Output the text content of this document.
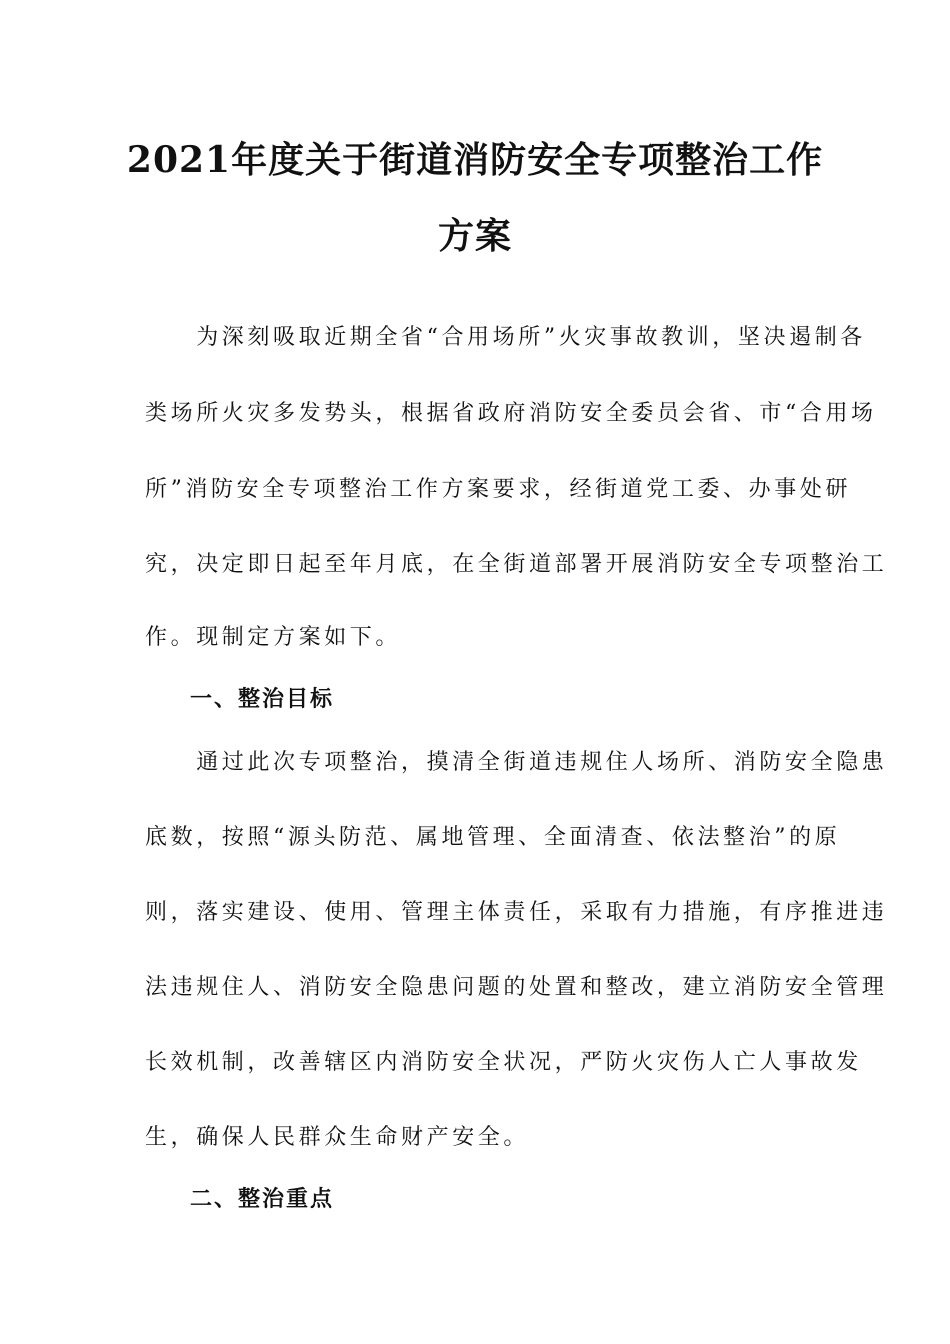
2021年度关于街道消防安全专项整治工作
方案
　　为深刻吸取近期全省“合用场所”火灾事故教训，坚决遏制各
类场所火灾多发势头，根据省政府消防安全委员会省、市“合用场
所”消防安全专项整治工作方案要求，经街道党工委、办事处研
究，决定即日起至年月底，在全街道部署开展消防安全专项整治工
作。现制定方案如下。
一、整治目标
　　通过此次专项整治，摸清全街道违规住人场所、消防安全隐患
底数，按照“源头防范、属地管理、全面清查、依法整治”的原
则，落实建设、使用、管理主体责任，采取有力措施，有序推进违
法违规住人、消防安全隐患问题的处置和整改，建立消防安全管理
长效机制，改善辖区内消防安全状况，严防火灾伤人亡人事故发
生，确保人民群众生命财产安全。
二、整治重点
